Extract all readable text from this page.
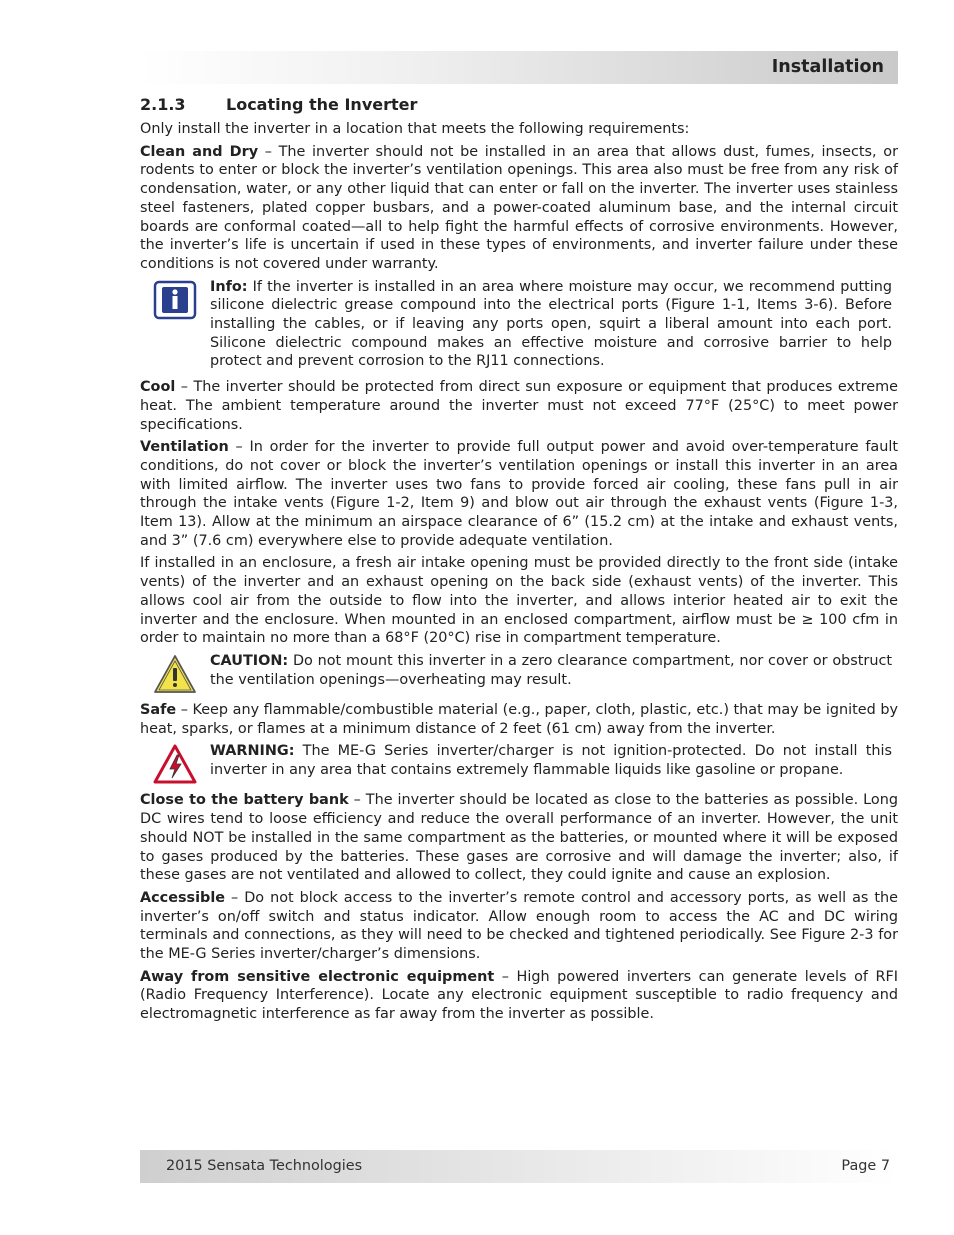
Installation
2.1.3	Locating the Inverter

Only install the inverter in a location that meets the following requirements:

Clean and Dry – The inverter should not be installed in an area that allows dust, fumes, insects, or rodents to enter or block the inverter’s ventilation openings. This area also must be free from any risk of condensation, water, or any other liquid that can enter or fall on the inverter. The inverter uses stainless steel fasteners, plated copper busbars, and a power-coated aluminum base, and the internal circuit boards are conformal coated—all to help fight the harmful effects of corrosive environments. However, the inverter’s life is uncertain if used in these types of environments, and inverter failure under these conditions is not covered under warranty.

Info: If the inverter is installed in an area where moisture may occur, we recommend putting silicone dielectric grease compound into the electrical ports (Figure 1-1, Items 3-6). Before installing the cables, or if leaving any ports open, squirt a liberal amount into each port. Silicone dielectric compound makes an effective moisture and corrosive barrier to help protect and prevent corrosion to the RJ11 connections.

Cool – The inverter should be protected from direct sun exposure or equipment that produces extreme heat. The ambient temperature around the inverter must not exceed 77°F (25°C) to meet power specifications.

Ventilation – In order for the inverter to provide full output power and avoid over-temperature fault conditions, do not cover or block the inverter’s ventilation openings or install this inverter in an area with limited airflow. The inverter uses two fans to provide forced air cooling, these fans pull in air through the intake vents (Figure 1-2, Item 9) and blow out air through the exhaust vents (Figure 1-3, Item 13). Allow at the minimum an airspace clearance of 6” (15.2 cm) at the intake and exhaust vents, and 3” (7.6 cm) everywhere else to provide adequate ventilation.

If installed in an enclosure, a fresh air intake opening must be provided directly to the front side (intake vents) of the inverter and an exhaust opening on the back side (exhaust vents) of the inverter. This allows cool air from the outside to flow into the inverter, and allows interior heated air to exit the inverter and the enclosure. When mounted in an enclosed compartment, airflow must be ≥ 100 cfm in order to maintain no more than a 68°F (20°C) rise in compartment temperature.

CAUTION: Do not mount this inverter in a zero clearance compartment, nor cover or obstruct the ventilation openings—overheating may result.

Safe – Keep any flammable/combustible material (e.g., paper, cloth, plastic, etc.) that may be ignited by heat, sparks, or flames at a minimum distance of 2 feet (61 cm) away from the inverter.

WARNING: The ME-G Series inverter/charger is not ignition-protected. Do not install this inverter in any area that contains extremely flammable liquids like gasoline or propane.

Close to the battery bank – The inverter should be located as close to the batteries as possible. Long DC wires tend to loose efficiency and reduce the overall performance of an inverter. However, the unit should NOT be installed in the same compartment as the batteries, or mounted where it will be exposed to gases produced by the batteries. These gases are corrosive and will damage the inverter; also, if these gases are not ventilated and allowed to collect, they could ignite and cause an explosion.

Accessible – Do not block access to the inverter’s remote control and accessory ports, as well as the inverter’s on/off switch and status indicator. Allow enough room to access the AC and DC wiring terminals and connections, as they will need to be checked and tightened periodically. See Figure 2-3 for the ME-G Series inverter/charger’s dimensions.

Away from sensitive electronic equipment – High powered inverters can generate levels of RFI (Radio Frequency Interference). Locate any electronic equipment susceptible to radio frequency and electromagnetic interference as far away from the inverter as possible.

2015 Sensata Technologies	Page 7
